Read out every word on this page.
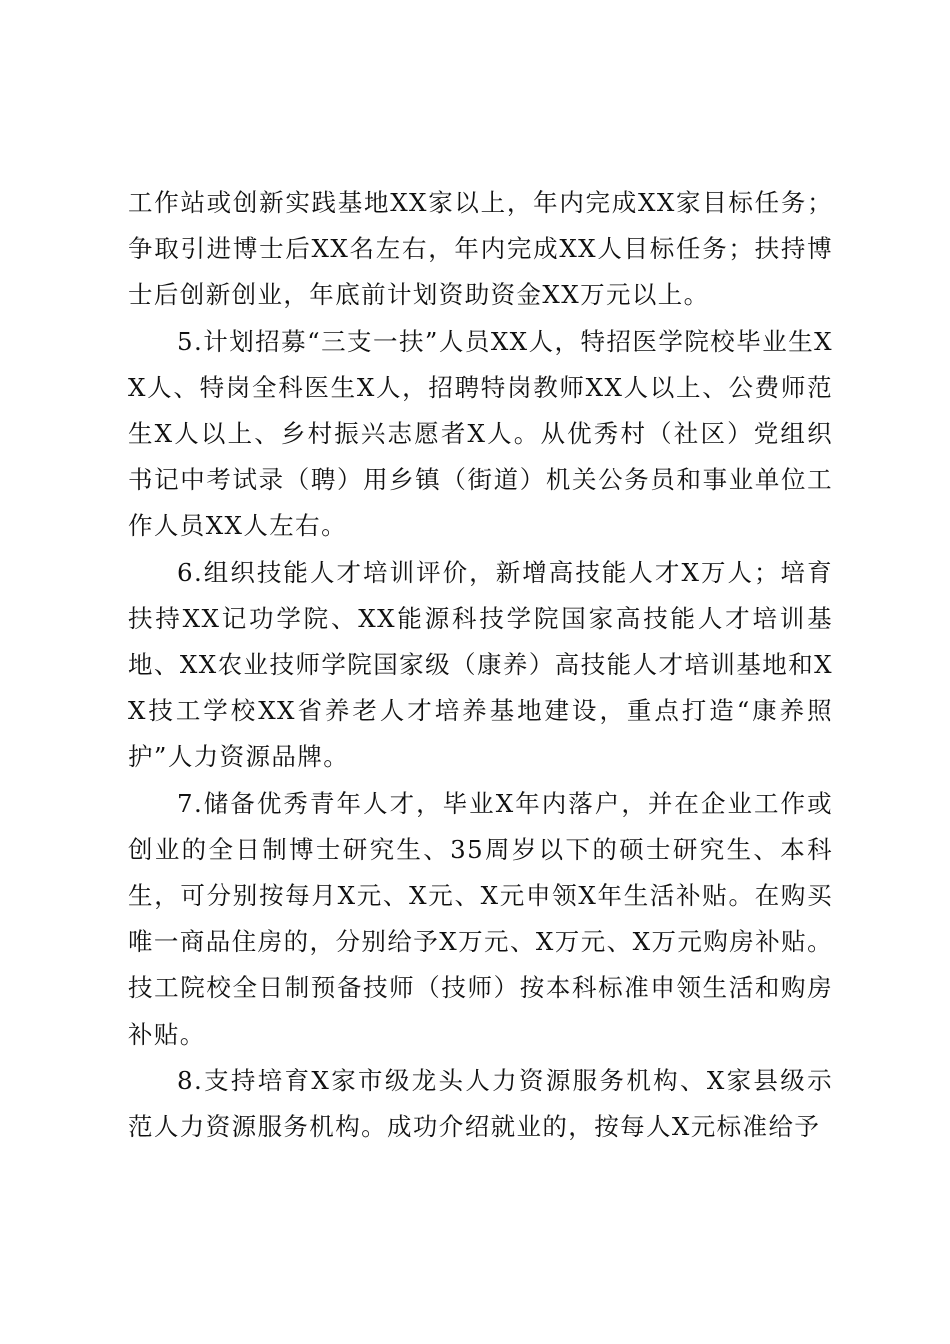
工作站或创新实践基地XX家以上，年内完成XX家目标任务；争取引进博士后XX名左右，年内完成XX人目标任务；扶持博士后创新创业，年底前计划资助资金XX万元以上。

5.计划招募“三支一扶”人员XX人，特招医学院校毕业生XX人、特岗全科医生X人，招聘特岗教师XX人以上、公费师范生X人以上、乡村振兴志愿者X人。从优秀村（社区）党组织书记中考试录（聘）用乡镇（街道）机关公务员和事业单位工作人员XX人左右。

6.组织技能人才培训评价，新增高技能人才X万人；培育扶持XX记功学院、XX能源科技学院国家高技能人才培训基地、XX农业技师学院国家级（康养）高技能人才培训基地和XX技工学校XX省养老人才培养基地建设，重点打造“康养照护”人力资源品牌。

7.储备优秀青年人才，毕业X年内落户，并在企业工作或创业的全日制博士研究生、35周岁以下的硕士研究生、本科生，可分别按每月X元、X元、X元申领X年生活补贴。在购买唯一商品住房的，分别给予X万元、X万元、X万元购房补贴。技工院校全日制预备技师（技师）按本科标准申领生活和购房补贴。

8.支持培育X家市级龙头人力资源服务机构、X家县级示范人力资源服务机构。成功介绍就业的，按每人X元标准给予
